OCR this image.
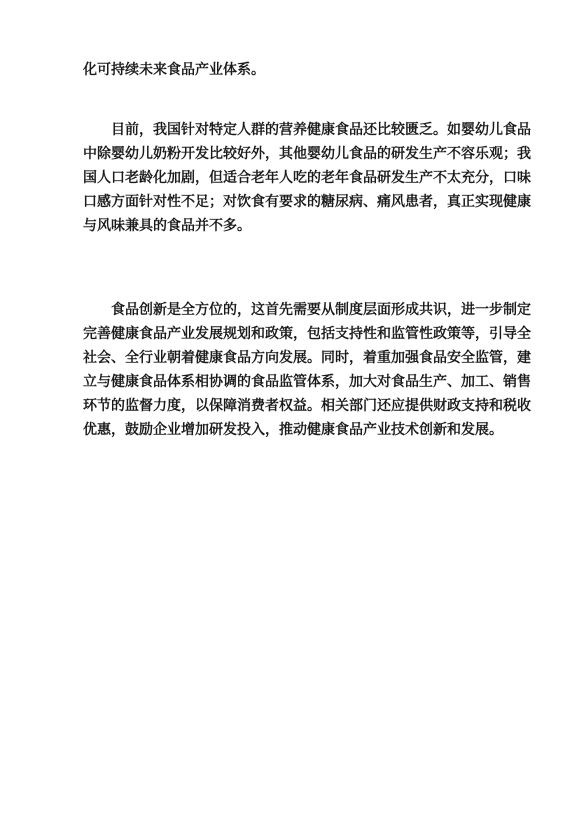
化可持续未来食品产业体系。
　　目前，我国针对特定人群的营养健康食品还比较匮乏。如婴幼儿食品
中除婴幼儿奶粉开发比较好外，其他婴幼儿食品的研发生产不容乐观；我
国人口老龄化加剧，但适合老年人吃的老年食品研发生产不太充分，口味
口感方面针对性不足；对饮食有要求的糖尿病、痛风患者，真正实现健康
与风味兼具的食品并不多。
　　食品创新是全方位的，这首先需要从制度层面形成共识，进一步制定
完善健康食品产业发展规划和政策，包括支持性和监管性政策等，引导全
社会、全行业朝着健康食品方向发展。同时，着重加强食品安全监管，建
立与健康食品体系相协调的食品监管体系，加大对食品生产、加工、销售
环节的监督力度，以保障消费者权益。相关部门还应提供财政支持和税收
优惠，鼓励企业增加研发投入，推动健康食品产业技术创新和发展。
